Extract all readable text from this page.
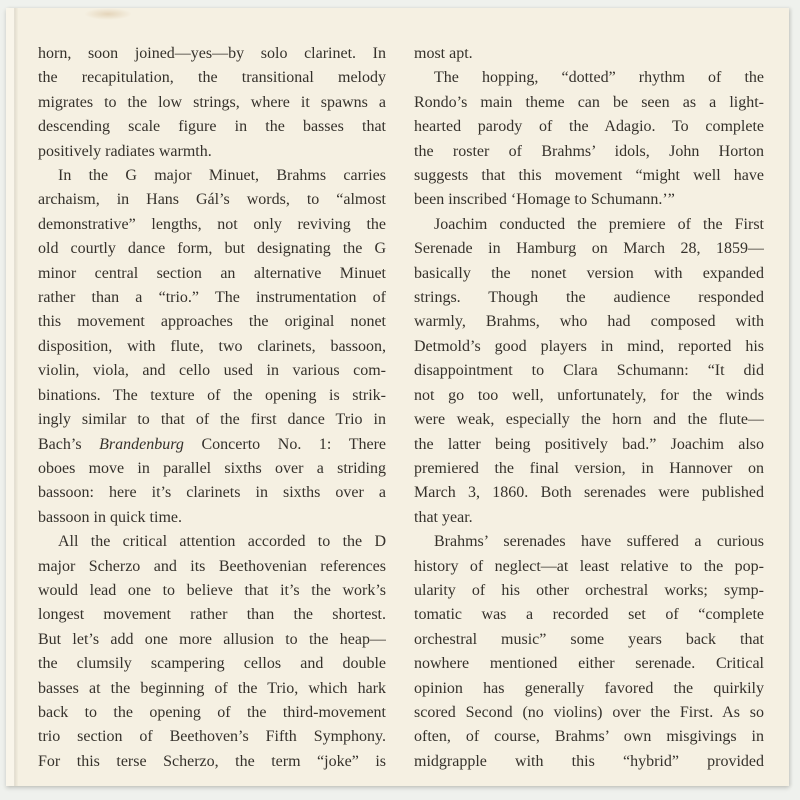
horn, soon joined—yes—by solo clarinet. In
the recapitulation, the transitional melody
migrates to the low strings, where it spawns a
descending scale figure in the basses that
positively radiates warmth.
In the G major Minuet, Brahms carries
archaism, in Hans Gál’s words, to “almost
demonstrative” lengths, not only reviving the
old courtly dance form, but designating the G
minor central section an alternative Minuet
rather than a “trio.” The instrumentation of
this movement approaches the original nonet
disposition, with flute, two clarinets, bassoon,
violin, viola, and cello used in various com-
binations. The texture of the opening is strik-
ingly similar to that of the first dance Trio in
Bach’s Brandenburg Concerto No. 1: There
oboes move in parallel sixths over a striding
bassoon: here it’s clarinets in sixths over a
bassoon in quick time.
All the critical attention accorded to the D
major Scherzo and its Beethovenian references
would lead one to believe that it’s the work’s
longest movement rather than the shortest.
But let’s add one more allusion to the heap—
the clumsily scampering cellos and double
basses at the beginning of the Trio, which hark
back to the opening of the third-movement
trio section of Beethoven’s Fifth Symphony.
For this terse Scherzo, the term “joke” is
most apt.
The hopping, “dotted” rhythm of the
Rondo’s main theme can be seen as a light-
hearted parody of the Adagio. To complete
the roster of Brahms’ idols, John Horton
suggests that this movement “might well have
been inscribed ‘Homage to Schumann.’”
Joachim conducted the premiere of the First
Serenade in Hamburg on March 28, 1859—
basically the nonet version with expanded
strings. Though the audience responded
warmly, Brahms, who had composed with
Detmold’s good players in mind, reported his
disappointment to Clara Schumann: “It did
not go too well, unfortunately, for the winds
were weak, especially the horn and the flute—
the latter being positively bad.” Joachim also
premiered the final version, in Hannover on
March 3, 1860. Both serenades were published
that year.
Brahms’ serenades have suffered a curious
history of neglect—at least relative to the pop-
ularity of his other orchestral works; symp-
tomatic was a recorded set of “complete
orchestral music” some years back that
nowhere mentioned either serenade. Critical
opinion has generally favored the quirkily
scored Second (no violins) over the First. As so
often, of course, Brahms’ own misgivings in
midgrapple with this “hybrid” provided
